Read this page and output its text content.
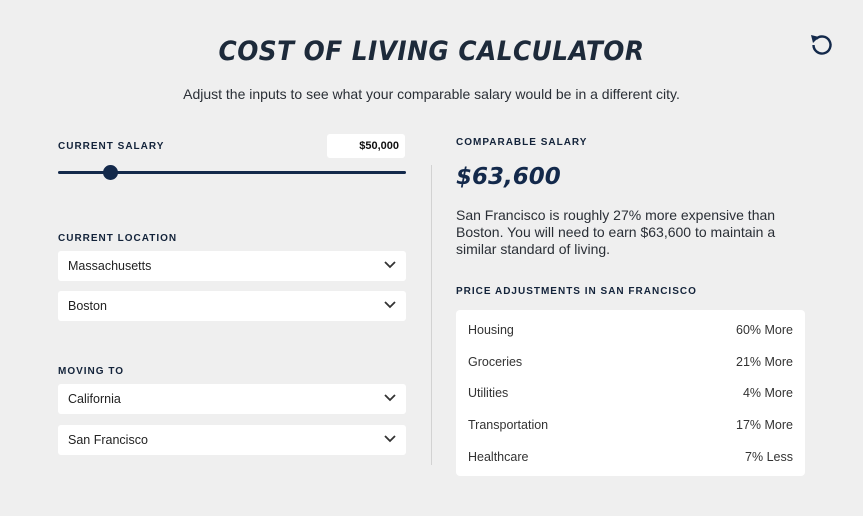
COST OF LIVING CALCULATOR
Adjust the inputs to see what your comparable salary would be in a different city.
CURRENT SALARY	$50,000
CURRENT LOCATION
Massachusetts
Boston
MOVING TO
California
San Francisco
COMPARABLE SALARY
$63,600
San Francisco is roughly 27% more expensive than Boston. You will need to earn $63,600 to maintain a similar standard of living.
PRICE ADJUSTMENTS IN SAN FRANCISCO
Housing	60% More
Groceries	21% More
Utilities	4% More
Transportation	17% More
Healthcare	7% Less
